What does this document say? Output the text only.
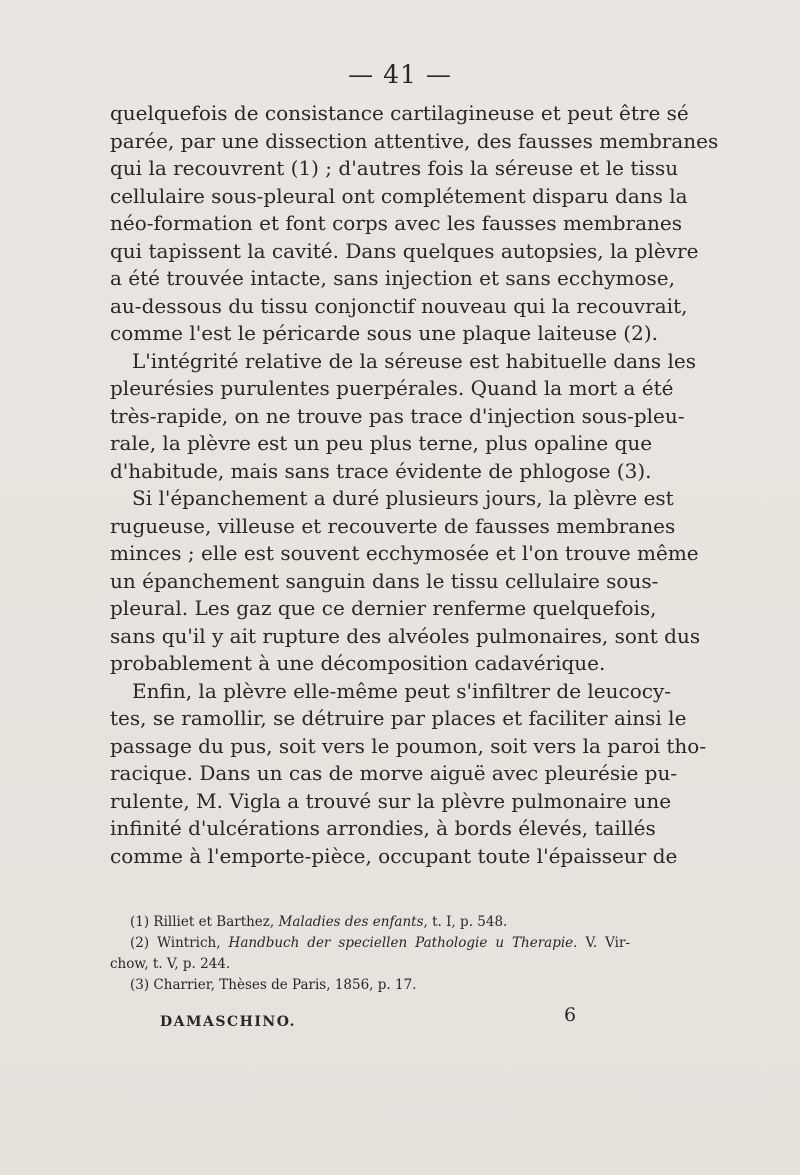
— 41 —
quelquefois de consistance cartilagineuse et peut être sé
parée, par une dissection attentive, des fausses membranes
qui la recouvrent (1) ; d'autres fois la séreuse et le tissu
cellulaire sous-pleural ont complétement disparu dans la
néo-formation et font corps avec les fausses membranes
qui tapissent la cavité. Dans quelques autopsies, la plèvre
a été trouvée intacte, sans injection et sans ecchymose,
au-dessous du tissu conjonctif nouveau qui la recouvrait,
comme l'est le péricarde sous une plaque laiteuse (2).
L'intégrité relative de la séreuse est habituelle dans les
pleurésies purulentes puerpérales. Quand la mort a été
très-rapide, on ne trouve pas trace d'injection sous-pleu-
rale, la plèvre est un peu plus terne, plus opaline que
d'habitude, mais sans trace évidente de phlogose (3).
Si l'épanchement a duré plusieurs jours, la plèvre est
rugueuse, villeuse et recouverte de fausses membranes
minces ; elle est souvent ecchymosée et l'on trouve même
un épanchement sanguin dans le tissu cellulaire sous-
pleural. Les gaz que ce dernier renferme quelquefois,
sans qu'il y ait rupture des alvéoles pulmonaires, sont dus
probablement à une décomposition cadavérique.
Enfin, la plèvre elle-même peut s'infiltrer de leucocy-
tes, se ramollir, se détruire par places et faciliter ainsi le
passage du pus, soit vers le poumon, soit vers la paroi tho-
racique. Dans un cas de morve aiguë avec pleurésie pu-
rulente, M. Vigla a trouvé sur la plèvre pulmonaire une
infinité d'ulcérations arrondies, à bords élevés, taillés
comme à l'emporte-pièce, occupant toute l'épaisseur de
(1) Rilliet et Barthez, Maladies des enfants, t. I, p. 548.
(2) Wintrich, Handbuch der speciellen Pathologie u Therapie. V. Vir-
chow, t. V, p. 244.
(3) Charrier, Thèses de Paris, 1856, p. 17.
DAMASCHINO.	6
